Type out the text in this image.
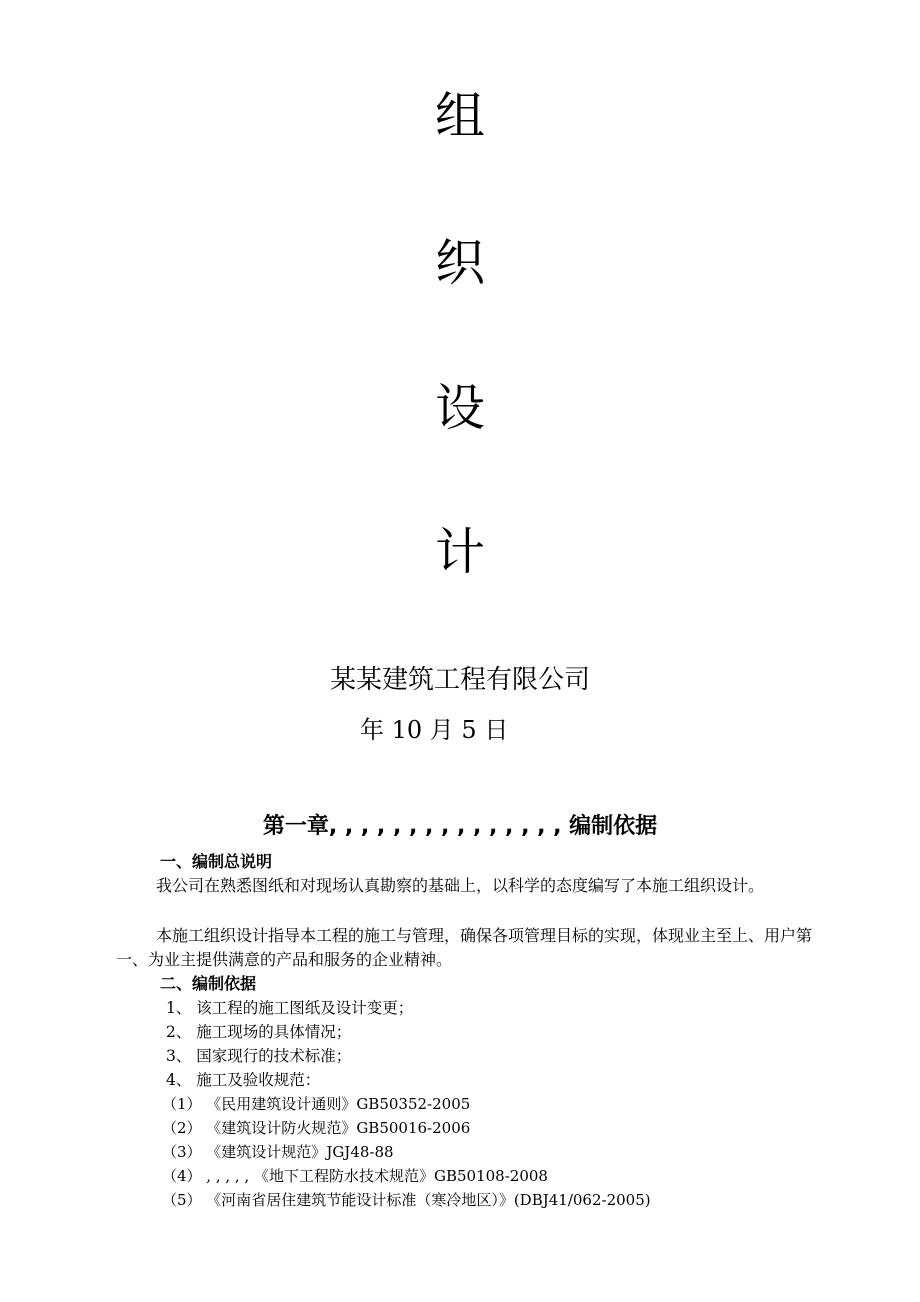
组
织
设
计
某某建筑工程有限公司
年 10 月 5 日
第一章, , , , , , , , , , , , , , , 编制依据
一、编制总说明
我公司在熟悉图纸和对现场认真勘察的基础上，以科学的态度编写了本施工组织设计。
本施工组织设计指导本工程的施工与管理，确保各项管理目标的实现，体现业主至上、用户第一、为业主提供满意的产品和服务的企业精神。
二、编制依据
1、 该工程的施工图纸及设计变更；
2、 施工现场的具体情况；
3、 国家现行的技术标准；
4、 施工及验收规范：
（1） 《民用建筑设计通则》GB50352-2005
（2） 《建筑设计防火规范》GB50016-2006
（3） 《建筑设计规范》JGJ48-88
（4） , , , , , 《地下工程防水技术规范》GB50108-2008
（5） 《河南省居住建筑节能设计标准（寒冷地区）》(DBJ41/062-2005)
